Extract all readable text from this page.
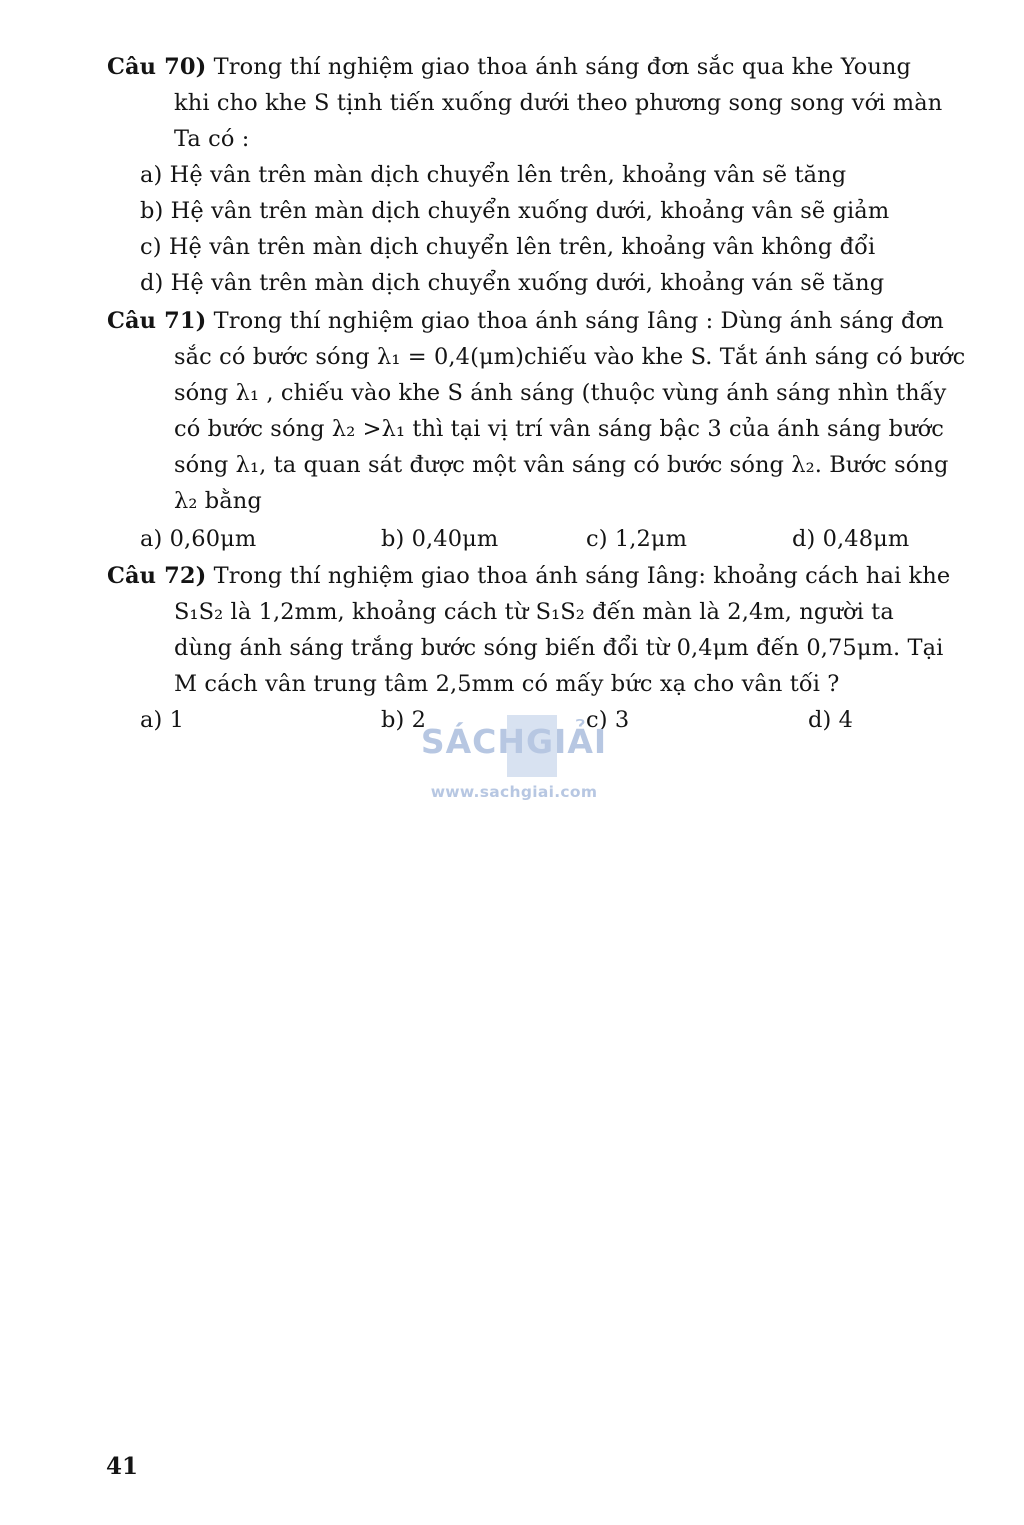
Câu 70) Trong thí nghiệm giao thoa ánh sáng đơn sắc qua khe Young
khi cho khe S tịnh tiến xuống dưới theo phương song song với màn
Ta có :
a) Hệ vân trên màn dịch chuyển lên trên, khoảng vân sẽ tăng
b) Hệ vân trên màn dịch chuyển xuống dưới, khoảng vân sẽ giảm
c) Hệ vân trên màn dịch chuyển lên trên, khoảng vân không đổi
d) Hệ vân trên màn dịch chuyển xuống dưới, khoảng ván sẽ tăng
Câu 71) Trong thí nghiệm giao thoa ánh sáng Iâng : Dùng ánh sáng đơn
sắc có bước sóng λ₁ = 0,4(μm)chiếu vào khe S. Tắt ánh sáng có bước
sóng λ₁ , chiếu vào khe S ánh sáng (thuộc vùng ánh sáng nhìn thấy
có bước sóng λ₂ >λ₁ thì tại vị trí vân sáng bậc 3 của ánh sáng bước
sóng λ₁, ta quan sát được một vân sáng có bước sóng λ₂. Bước sóng
λ₂ bằng
a) 0,60μm	b) 0,40μm	c) 1,2μm	d) 0,48μm
Câu 72) Trong thí nghiệm giao thoa ánh sáng Iâng: khoảng cách hai khe
S₁S₂ là 1,2mm, khoảng cách từ S₁S₂ đến màn là 2,4m, người ta
dùng ánh sáng trắng bước sóng biến đổi từ 0,4μm đến 0,75μm. Tại
M cách vân trung tâm 2,5mm có mấy bức xạ cho vân tối ?
a) 1	b) 2	c) 3	d) 4
SÁCHGIẢI
www.sachgiai.com
41
